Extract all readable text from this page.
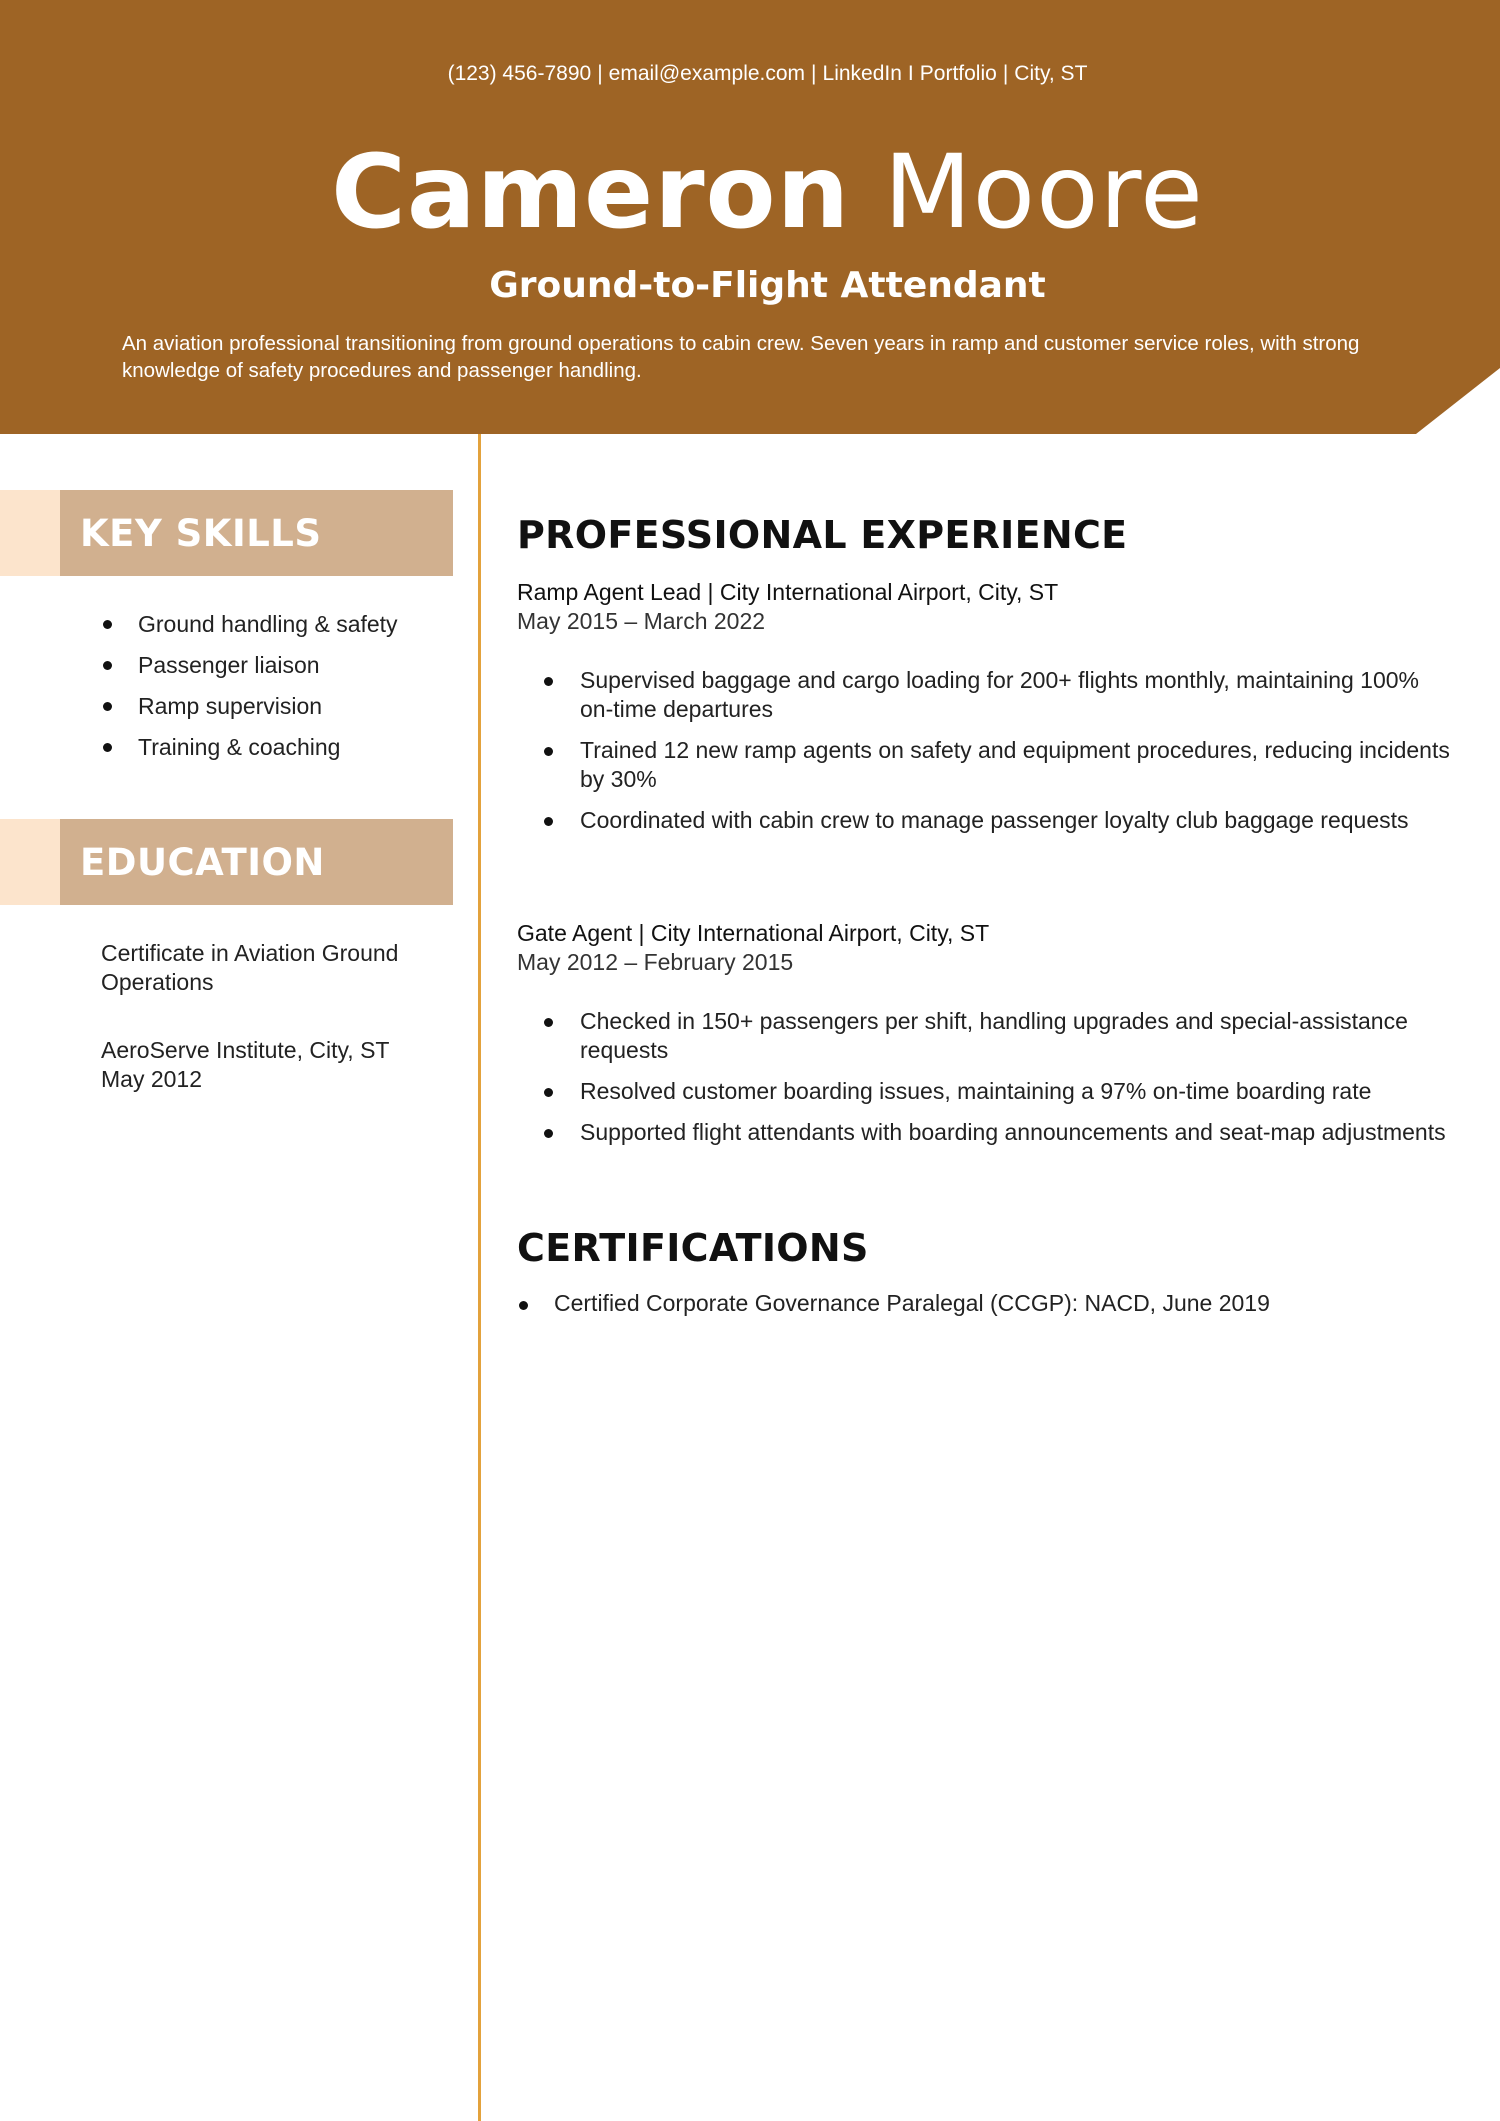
(123) 456-7890 | email@example.com | LinkedIn I Portfolio | City, ST
Cameron Moore
Ground-to-Flight Attendant
An aviation professional transitioning from ground operations to cabin crew. Seven years in ramp and customer service roles, with strong knowledge of safety procedures and passenger handling.
KEY SKILLS
Ground handling & safety
Passenger liaison
Ramp supervision
Training & coaching
EDUCATION
Certificate in Aviation Ground
Operations
AeroServe Institute, City, ST
May 2012
PROFESSIONAL EXPERIENCE
Ramp Agent Lead | City International Airport, City, ST
May 2015 – March 2022
Supervised baggage and cargo loading for 200+ flights monthly, maintaining 100% on-time departures
Trained 12 new ramp agents on safety and equipment procedures, reducing incidents by 30%
Coordinated with cabin crew to manage passenger loyalty club baggage requests
Gate Agent | City International Airport, City, ST
May 2012 – February 2015
Checked in 150+ passengers per shift, handling upgrades and special-assistance requests
Resolved customer boarding issues, maintaining a 97% on-time boarding rate
Supported flight attendants with boarding announcements and seat-map adjustments
CERTIFICATIONS
Certified Corporate Governance Paralegal (CCGP): NACD, June 2019
